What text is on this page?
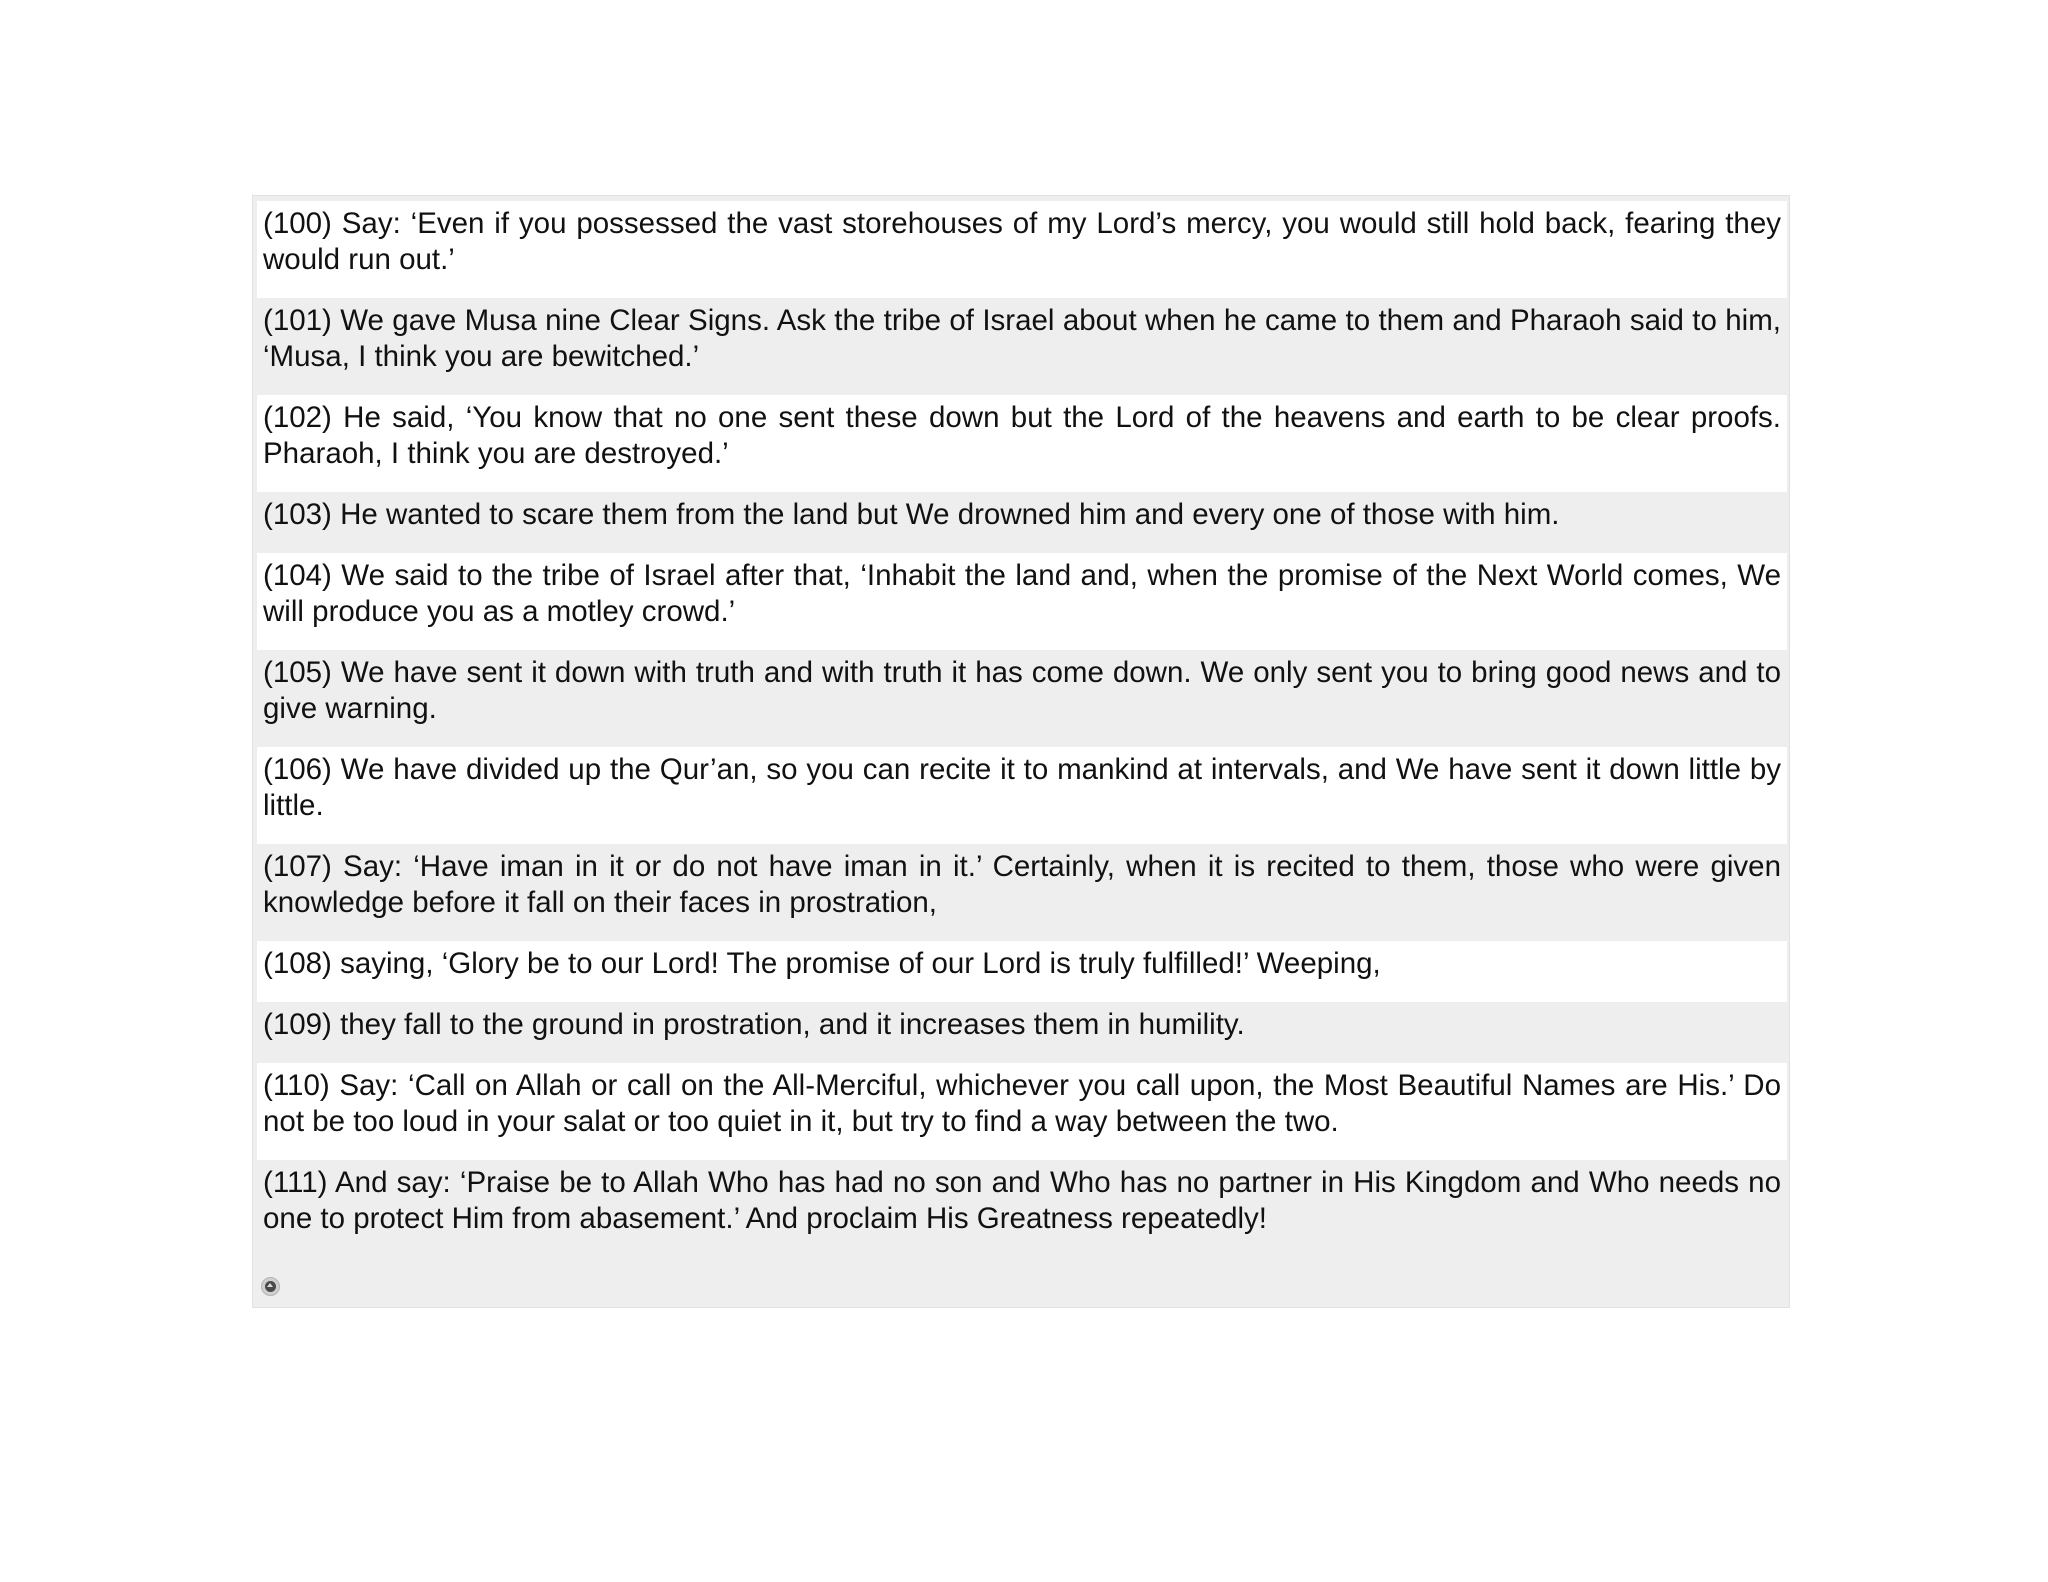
(100) Say: ‘Even if you possessed the vast storehouses of my Lord’s mercy, you would still hold back, fearing they would run out.’
(101) We gave Musa nine Clear Signs. Ask the tribe of Israel about when he came to them and Pharaoh said to him, ‘Musa, I think you are bewitched.’
(102) He said, ‘You know that no one sent these down but the Lord of the heavens and earth to be clear proofs. Pharaoh, I think you are destroyed.’
(103) He wanted to scare them from the land but We drowned him and every one of those with him.
(104) We said to the tribe of Israel after that, ‘Inhabit the land and, when the promise of the Next World comes, We will produce you as a motley crowd.’
(105) We have sent it down with truth and with truth it has come down. We only sent you to bring good news and to give warning.
(106) We have divided up the Qur’an, so you can recite it to mankind at intervals, and We have sent it down little by little.
(107) Say: ‘Have iman in it or do not have iman in it.’ Certainly, when it is recited to them, those who were given knowledge before it fall on their faces in prostration,
(108) saying, ‘Glory be to our Lord! The promise of our Lord is truly fulfilled!’ Weeping,
(109) they fall to the ground in prostration, and it increases them in humility.
(110) Say: ‘Call on Allah or call on the All-Merciful, whichever you call upon, the Most Beautiful Names are His.’ Do not be too loud in your salat or too quiet in it, but try to find a way between the two.
(111) And say: ‘Praise be to Allah Who has had no son and Who has no partner in His Kingdom and Who needs no one to protect Him from abasement.’ And proclaim His Greatness repeatedly!
